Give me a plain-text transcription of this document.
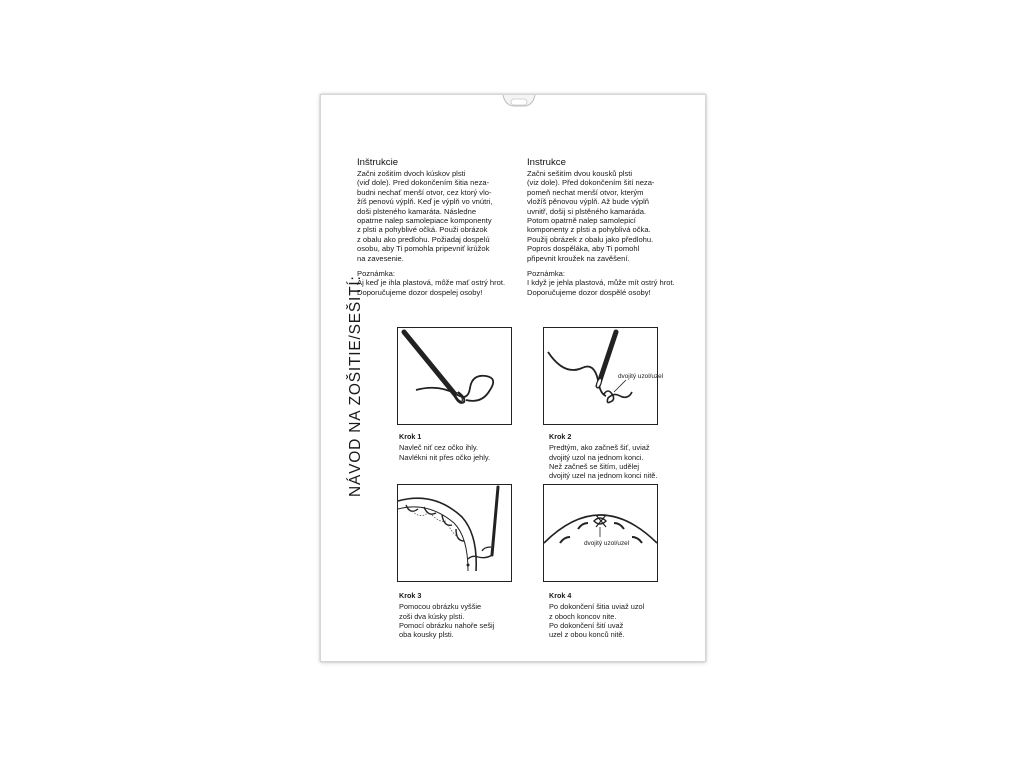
Inštrukcie
Začni zošitím dvoch kúskov plsti
(viď dole). Pred dokončením šitia neza-
budni nechať menší otvor, cez ktorý vlo-
žíš penovú výplň. Keď je výplň vo vnútri,
doši plsteného kamaráta. Následne
opatrne nalep samolepiace komponenty
z plsti a pohyblivé očká. Použi obrázok
z obalu ako predlohu. Požiadaj dospelú
osobu, aby Ti pomohla pripevniť krúžok
na zavesenie.
Poznámka:
Aj keď je ihla plastová, môže mať ostrý hrot.
Doporučujeme dozor dospelej osoby!
Instrukce
Začni sešitím dvou kousků plsti
(viz dole). Před dokončením šití neza-
pomeň nechat menší otvor, kterým
vložíš pěnovou výplň. Až bude výplň
uvnitř, došij si plstěného kamaráda.
Potom opatrně nalep samolepicí
komponenty z plsti a pohyblivá očka.
Použij obrázek z obalu jako předlohu.
Popros dospěláka, aby Ti pomohl
připevnit kroužek na zavěšení.
Poznámka:
I když je jehla plastová, může mít ostrý hrot.
Doporučujeme dozor dospělé osoby!
NÁVOD NA ZOŠITIE/SEŠITÍ:	dvojitý uzol/uzel
dvojitý uzol/uzel
Krok 1
Navleč niť cez očko ihly.
Navlékni nit přes očko jehly.
Krok 2
Predtým, ako začneš šiť, uviaž
dvojitý uzol na jednom konci.
Než začneš se šitím, udělej
dvojitý uzel na jednom konci nitě.
Krok 3
Pomocou obrázku vyššie
zoši dva kúsky plsti.
Pomocí obrázku nahoře sešij
oba kousky plsti.
Krok 4
Po dokončení šitia uviaž uzol
z oboch koncov nite.
Po dokončení šití uvaž
uzel z obou konců nitě.
